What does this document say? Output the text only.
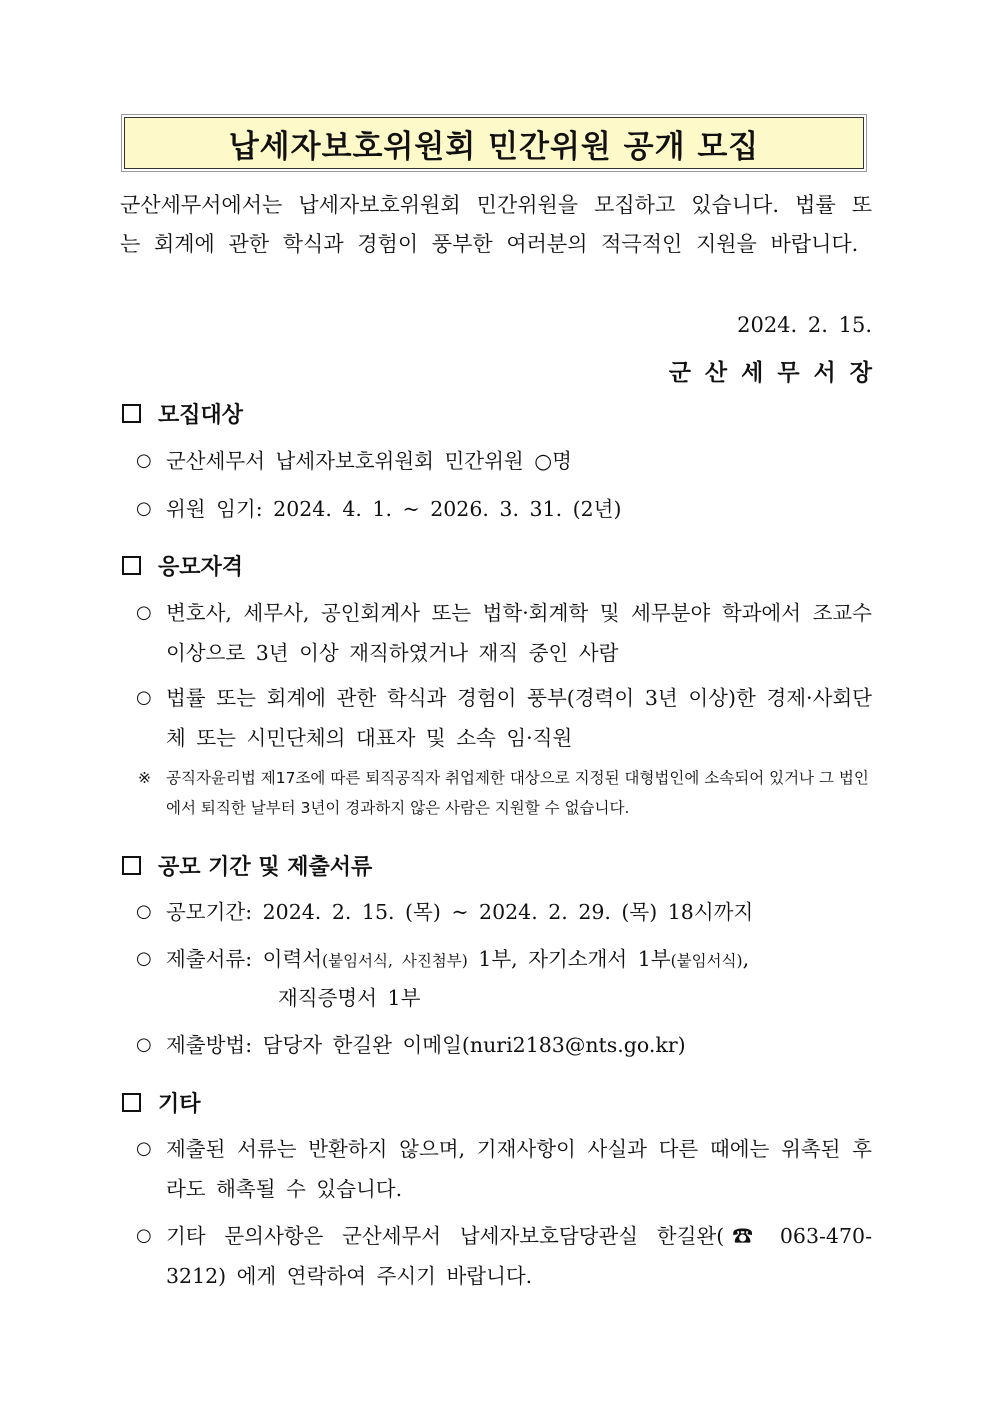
납세자보호위원회 민간위원 공개 모집
군산세무서에서는 납세자보호위원회 민간위원을 모집하고 있습니다. 법률 또는 회계에 관한 학식과 경험이 풍부한 여러분의 적극적인 지원을 바랍니다.
2024. 2. 15.
군산세무서장
모집대상
○ 군산세무서 납세자보호위원회 민간위원 ○명
○ 위원 임기: 2024. 4. 1. ~ 2026. 3. 31. (2년)
응모자격
○ 변호사, 세무사, 공인회계사 또는 법학·회계학 및 세무분야 학과에서 조교수 이상으로 3년 이상 재직하였거나 재직 중인 사람
○ 법률 또는 회계에 관한 학식과 경험이 풍부(경력이 3년 이상)한 경제·사회단체 또는 시민단체의 대표자 및 소속 임·직원
※ 공직자윤리법 제17조에 따른 퇴직공직자 취업제한 대상으로 지정된 대형법인에 소속되어 있거나 그 법인에서 퇴직한 날부터 3년이 경과하지 않은 사람은 지원할 수 없습니다.
공모 기간 및 제출서류
○ 공모기간: 2024. 2. 15. (목) ~ 2024. 2. 29. (목) 18시까지
○ 제출서류: 이력서(붙임서식, 사진첨부) 1부, 자기소개서 1부(붙임서식),
재직증명서 1부
○ 제출방법: 담당자 한길완 이메일(nuri2183@nts.go.kr)
기타
○ 제출된 서류는 반환하지 않으며, 기재사항이 사실과 다른 때에는 위촉된 후라도 해촉될 수 있습니다.
○ 기타 문의사항은 군산세무서 납세자보호담당관실 한길완(☎ 063-470-3212) 에게 연락하여 주시기 바랍니다.
